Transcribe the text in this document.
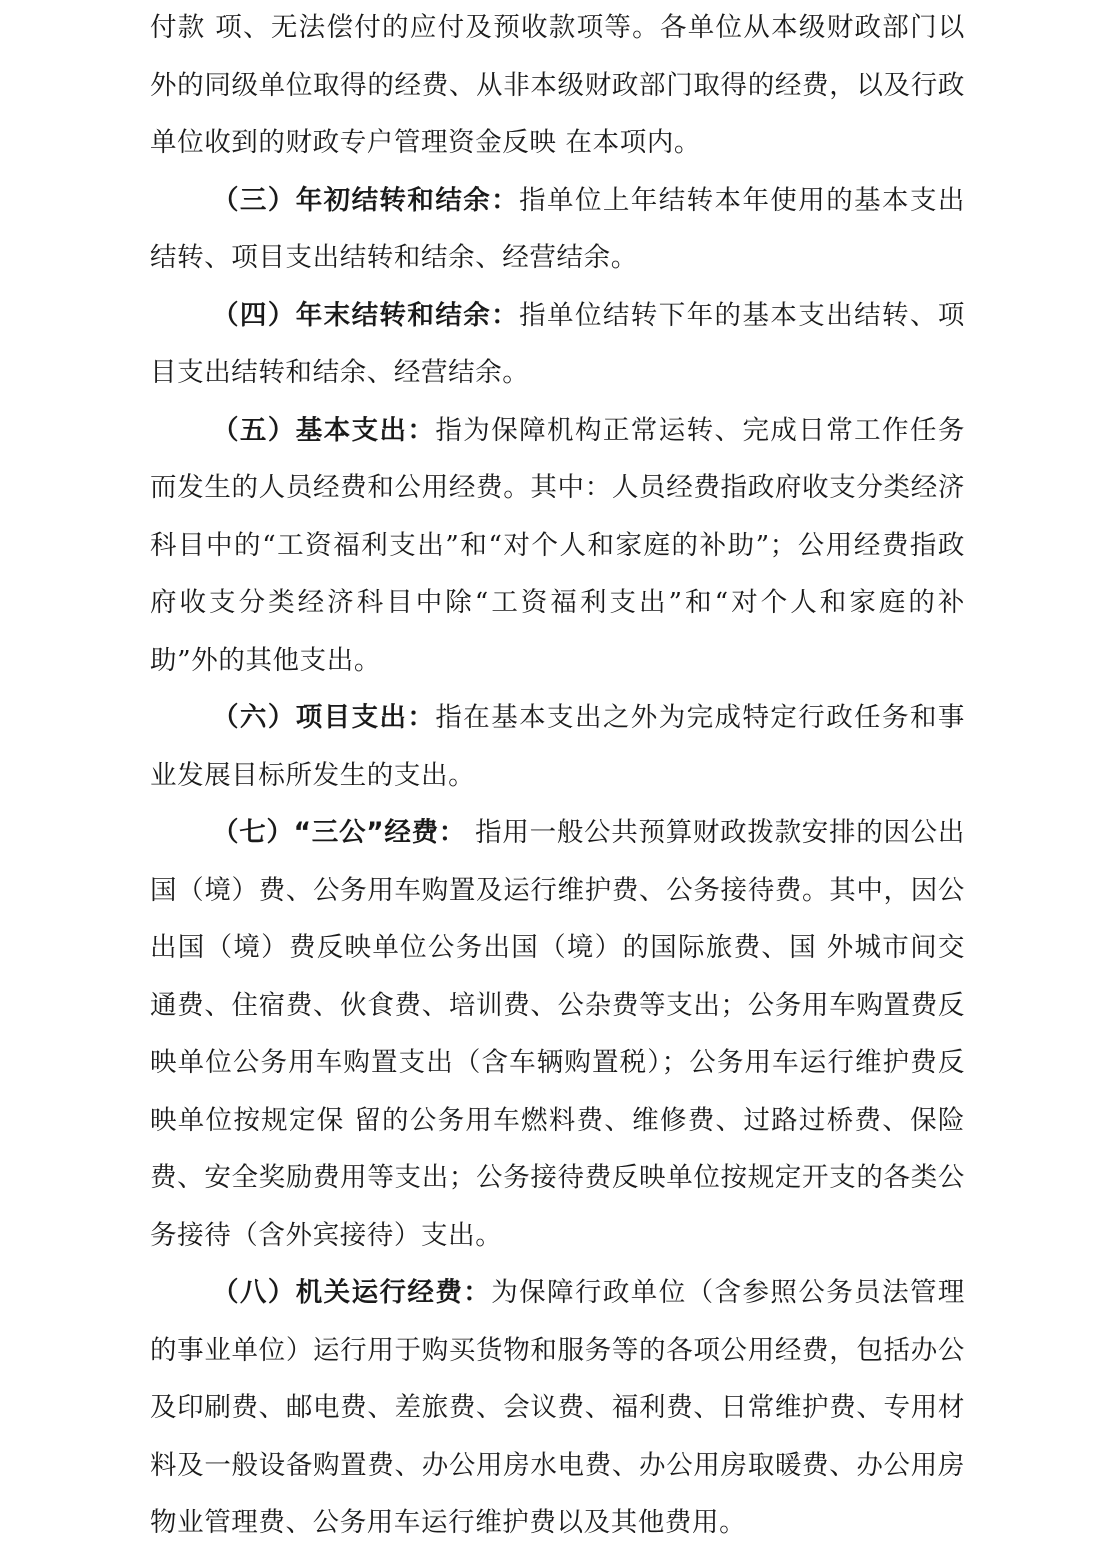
付款 项、无法偿付的应付及预收款项等。各单位从本级财政部门以外的同级单位取得的经费、从非本级财政部门取得的经费，以及行政单位收到的财政专户管理资金反映 在本项内。

（三）年初结转和结余：指单位上年结转本年使用的基本支出结转、项目支出结转和结余、经营结余。

（四）年末结转和结余：指单位结转下年的基本支出结转、项目支出结转和结余、经营结余。

（五）基本支出：指为保障机构正常运转、完成日常工作任务而发生的人员经费和公用经费。其中：人员经费指政府收支分类经济科目中的“工资福利支出”和“对个人和家庭的补助”；公用经费指政府收支分类经济科目中除“工资福利支出”和“对个人和家庭的补助”外的其他支出。

（六）项目支出：指在基本支出之外为完成特定行政任务和事业发展目标所发生的支出。

（七）“三公”经费： 指用一般公共预算财政拨款安排的因公出国（境）费、公务用车购置及运行维护费、公务接待费。其中，因公出国（境）费反映单位公务出国（境）的国际旅费、国 外城市间交通费、住宿费、伙食费、培训费、公杂费等支出；公务用车购置费反映单位公务用车购置支出（含车辆购置税）；公务用车运行维护费反映单位按规定保 留的公务用车燃料费、维修费、过路过桥费、保险费、安全奖励费用等支出；公务接待费反映单位按规定开支的各类公务接待（含外宾接待）支出。

（八）机关运行经费：为保障行政单位（含参照公务员法管理的事业单位）运行用于购买货物和服务等的各项公用经费，包括办公及印刷费、邮电费、差旅费、会议费、福利费、日常维护费、专用材料及一般设备购置费、办公用房水电费、办公用房取暖费、办公用房物业管理费、公务用车运行维护费以及其他费用。
